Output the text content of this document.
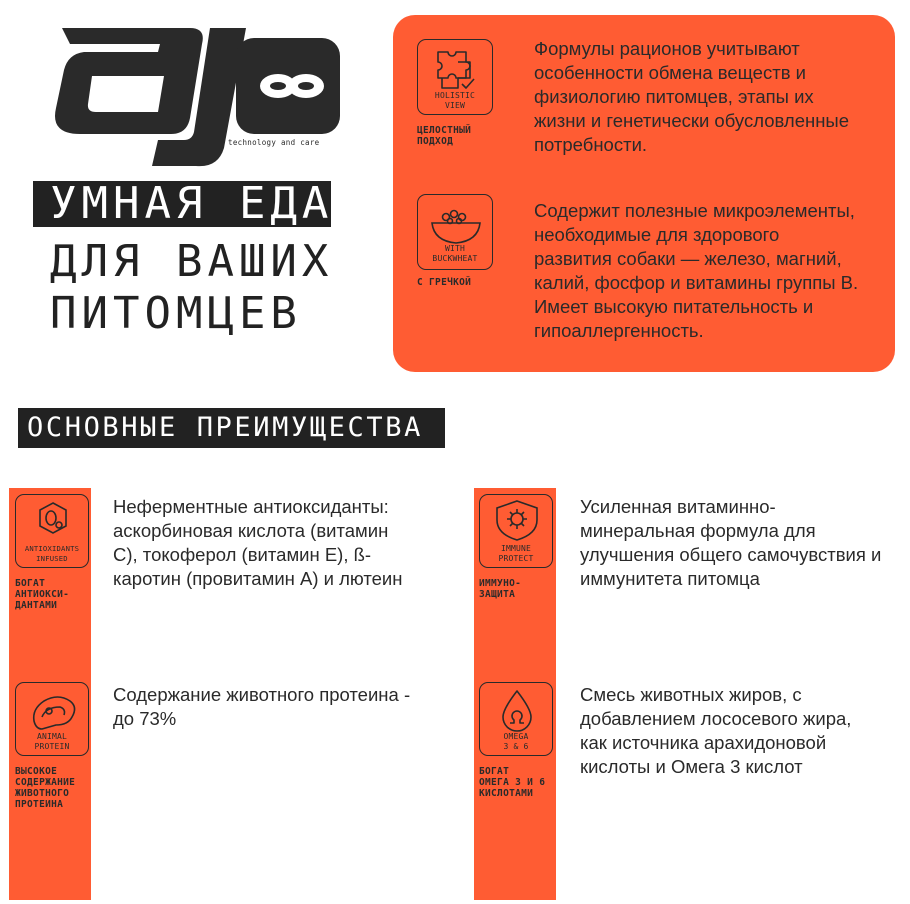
technology and care
УМНАЯ ЕДА
ДЛЯ ВАШИХ
ПИТОМЦЕВ
HOLISTIC
VIEW
ЦЕЛОСТНЫЙ
ПОДХОД
Формулы рационов учитывают
особенности обмена веществ и
физиологию питомцев, этапы их
жизни и генетически обусловленные
потребности.
WITH
BUCKWHEAT
С ГРЕЧКОЙ
Содержит полезные микроэлементы,
необходимые для здорового
развития собаки — железо, магний,
калий, фосфор и витамины группы В.
Имеет высокую питательность и
гипоаллергенность.
ОСНОВНЫЕ ПРЕИМУЩЕСТВА
ANTIOXIDANTS
INFUSED
БОГАТ
АНТИОКСИ-
ДАНТАМИ
Неферментные антиоксиданты:
аскорбиновая кислота (витамин
С), токоферол (витамин Е), ß-
каротин (провитамин А) и лютеин
IMMUNE
PROTECT
ИММУНО-
ЗАЩИТА
Усиленная витаминно-
минеральная формула для
улучшения общего самочувствия и
иммунитета питомца
ANIMAL
PROTEIN
ВЫСОКОЕ
СОДЕРЖАНИЕ
ЖИВОТНОГО
ПРОТЕИНА
Содержание животного протеина -
до 73%
OMEGA
3 & 6
БОГАТ
ОМЕГА 3 И 6
КИСЛОТАМИ
Смесь животных жиров, с
добавлением лососевого жира,
как источника арахидоновой
кислоты и Омега 3 кислот
